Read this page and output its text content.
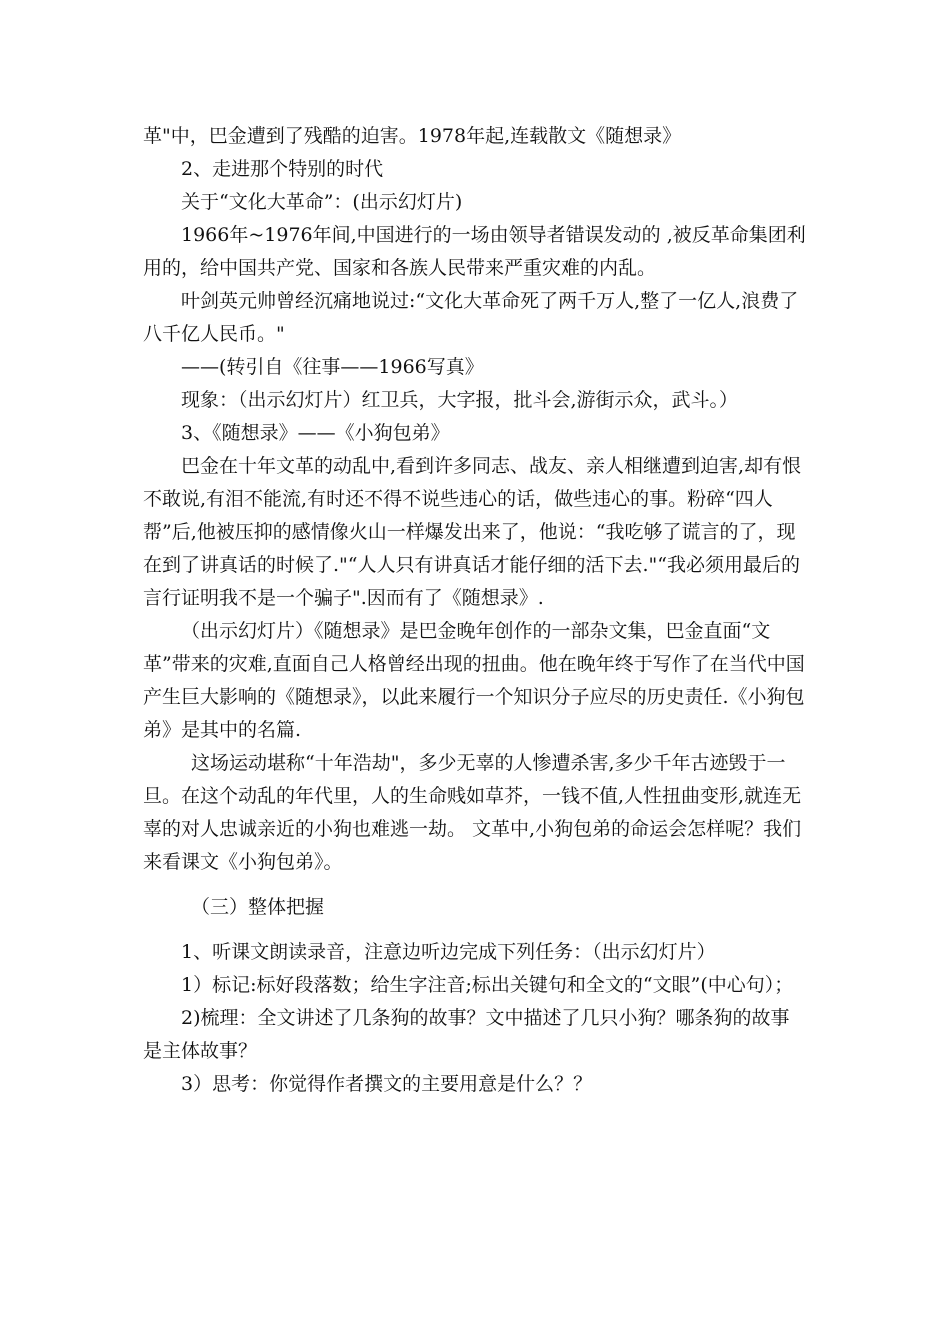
革"中，巴金遭到了残酷的迫害。1978年起,连载散文《随想录》

2、走进那个特别的时代

关于“文化大革命”：(出示幻灯片)

1966年~1976年间,中国进行的一场由领导者错误发动的 ,被反革命集团利用的，给中国共产党、国家和各族人民带来严重灾难的内乱。

叶剑英元帅曾经沉痛地说过:“文化大革命死了两千万人,整了一亿人,浪费了八千亿人民币。"

——(转引自《往事——1966写真》

现象：（出示幻灯片）红卫兵，大字报，批斗会,游街示众，武斗。）

3、《随想录》——《小狗包弟》

巴金在十年文革的动乱中,看到许多同志、战友、亲人相继遭到迫害,却有恨不敢说,有泪不能流,有时还不得不说些违心的话，做些违心的事。粉碎“四人帮”后,他被压抑的感情像火山一样爆发出来了，他说：“我吃够了谎言的了，现在到了讲真话的时候了."“人人只有讲真话才能仔细的活下去."“我必须用最后的言行证明我不是一个骗子".因而有了《随想录》.

（出示幻灯片）《随想录》是巴金晚年创作的一部杂文集，巴金直面“文革”带来的灾难,直面自己人格曾经出现的扭曲。他在晚年终于写作了在当代中国产生巨大影响的《随想录》，以此来履行一个知识分子应尽的历史责任.《小狗包弟》是其中的名篇.

这场运动堪称“十年浩劫"，多少无辜的人惨遭杀害,多少千年古迹毁于一旦。在这个动乱的年代里，人的生命贱如草芥，一钱不值,人性扭曲变形,就连无辜的对人忠诚亲近的小狗也难逃一劫。 文革中,小狗包弟的命运会怎样呢？我们来看课文《小狗包弟》。

（三）整体把握

1、听课文朗读录音，注意边听边完成下列任务：（出示幻灯片）

1）标记:标好段落数；给生字注音;标出关键句和全文的“文眼”(中心句）；

2)梳理：全文讲述了几条狗的故事？文中描述了几只小狗？哪条狗的故事是主体故事？

3）思考：你觉得作者撰文的主要用意是什么？？
